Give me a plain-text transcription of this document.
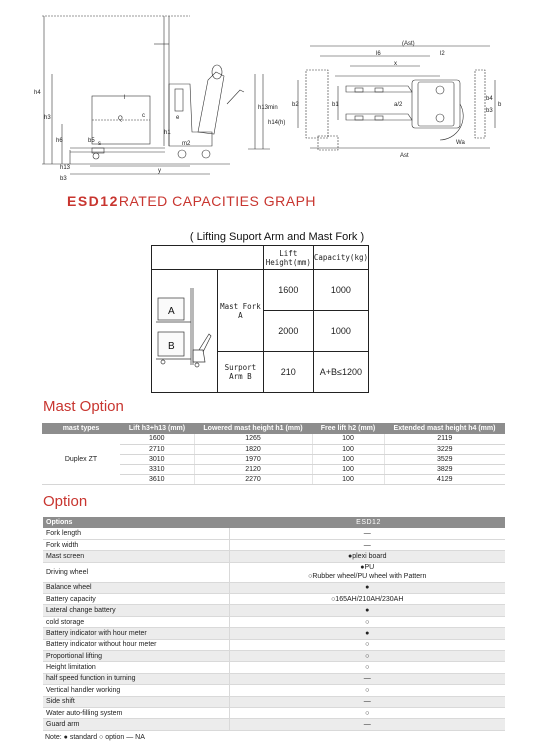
h4
h3
h6
h1
h14(h)
h13min
l
c
Q
b5 s
e
m2
y
h13
b3
(Ast)
l6	l2
x
a/2
b2	b1	b
b4
b3
Ast
Wa
ESD12RATED CAPACITIES GRAPH
( Lifting Suport Arm and Mast Fork )
		Lift Height(mm)	Capacity(kg)

A
B	Mast Fork A	1600	1000
		2000	1000
	Surport Arm B	210	A+B≤1200
Mast Option
mast types	Lift h3+h13 (mm)	Lowered mast height h1 (mm)	Free lift h2 (mm)	Extended mast height h4 (mm)
Duplex ZT	1600	1265	100	2119
	2710	1820	100	3229
	3010	1970	100	3529
	3310	2120	100	3829
	3610	2270	100	4129
Option
Options	ESD12
Fork length	—
Fork width	—
Mast screen	●plexi board
Driving wheel	●PU
○Rubber wheel/PU wheel with Pattern

Balance wheel	●
Battery capacity	○165AH/210AH/230AH
Lateral change battery	●
cold storage	○
Battery indicator with hour meter	●
Battery indicator without hour meter	○
Proportional lifting	○
Height limitation	○
half speed function in turning	—
Vertical handler working	○
Side shift	—
Water auto-filling system	○
Guard arm	—
Note: ● standard ○ option — NA
